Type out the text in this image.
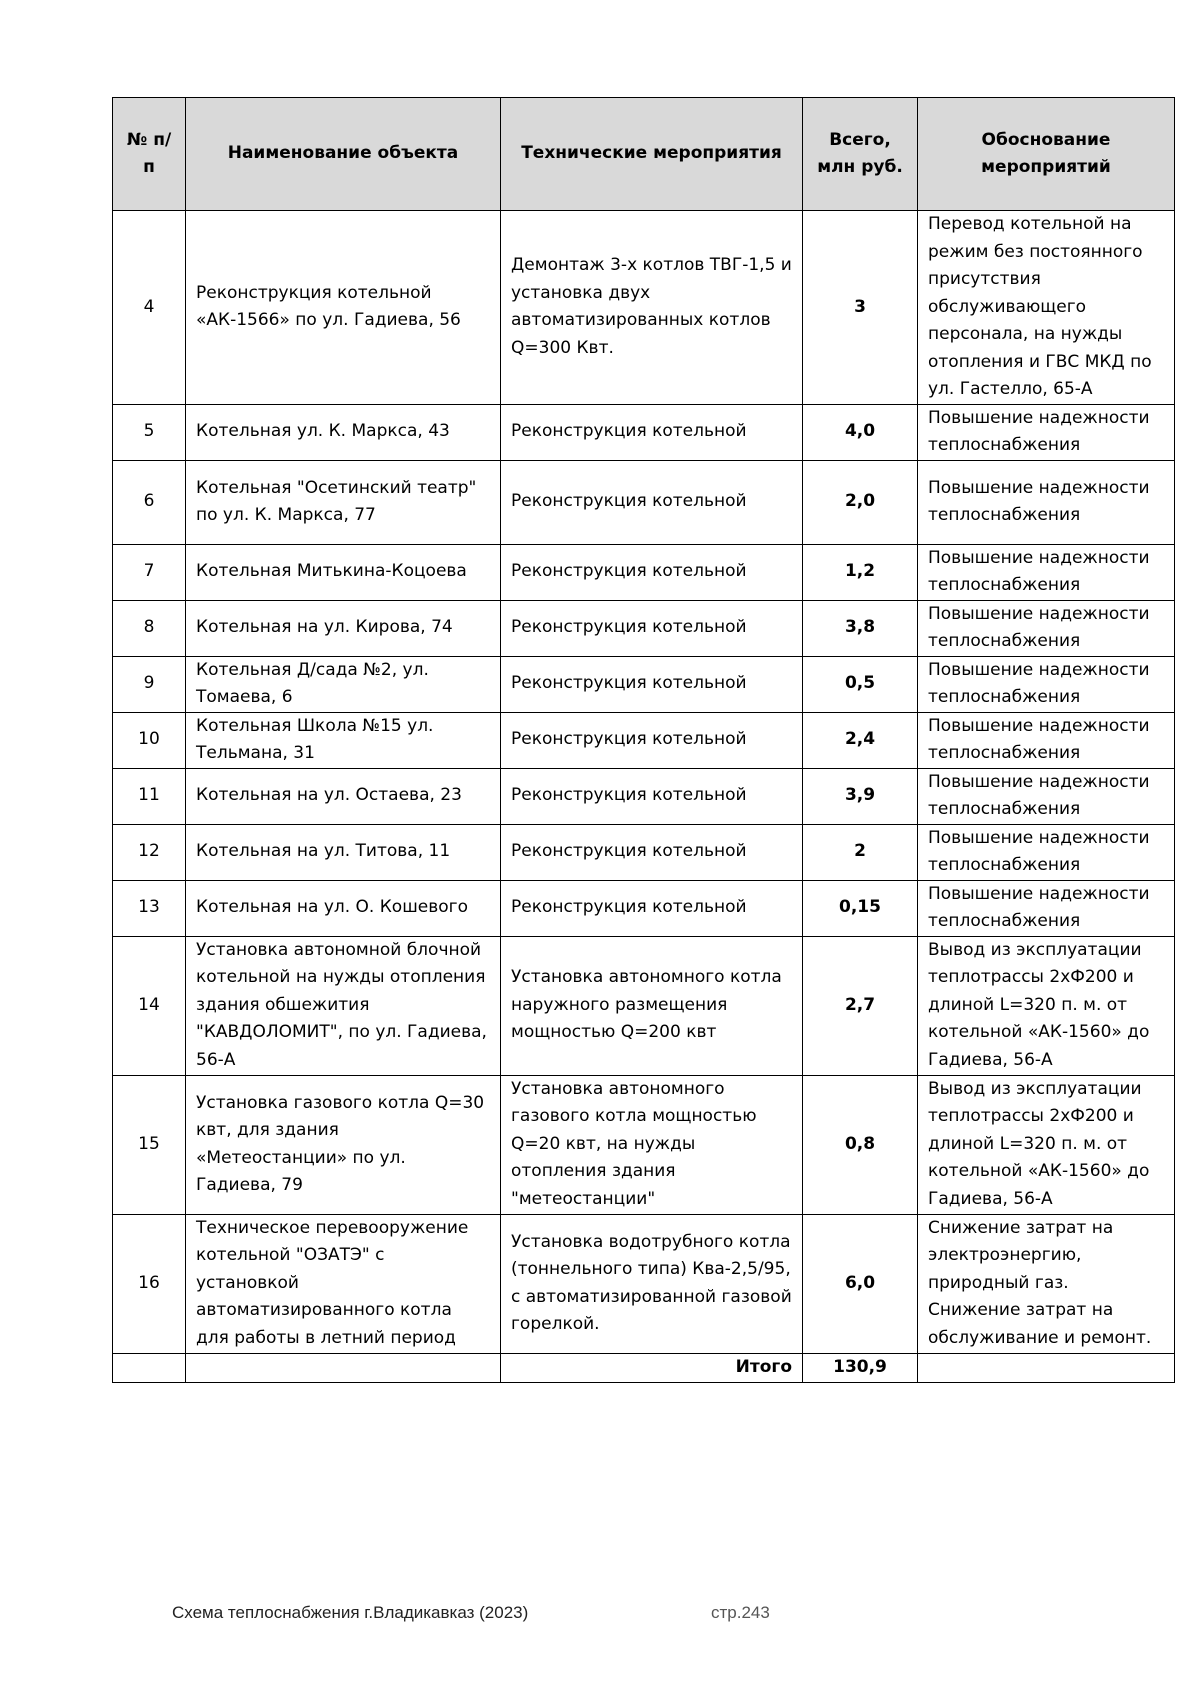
№ п/п	Наименование объекта	Технические мероприятия	Всего, млн руб.	Обоснование мероприятий
4	Реконструкция котельной «АК-1566» по ул. Гадиева, 56	Демонтаж 3-х котлов ТВГ-1,5 и установка двух автоматизированных котлов Q=300 Квт.	3	Перевод котельной на режим без постоянного присутствия обслуживающего персонала, на нужды отопления и ГВС МКД по ул. Гастелло, 65-А
5	Котельная ул. К. Маркса, 43	Реконструкция котельной	4,0	Повышение надежности теплоснабжения
6	Котельная "Осетинский театр" по ул. К. Маркса, 77	Реконструкция котельной	2,0	Повышение надежности теплоснабжения
7	Котельная Митькина-Коцоева	Реконструкция котельной	1,2	Повышение надежности теплоснабжения
8	Котельная на ул. Кирова, 74	Реконструкция котельной	3,8	Повышение надежности теплоснабжения
9	Котельная Д/сада №2, ул. Томаева, 6	Реконструкция котельной	0,5	Повышение надежности теплоснабжения
10	Котельная Школа №15 ул. Тельмана, 31	Реконструкция котельной	2,4	Повышение надежности теплоснабжения
11	Котельная на ул. Остаева, 23	Реконструкция котельной	3,9	Повышение надежности теплоснабжения
12	Котельная на ул. Титова, 11	Реконструкция котельной	2	Повышение надежности теплоснабжения
13	Котельная на ул. О. Кошевого	Реконструкция котельной	0,15	Повышение надежности теплоснабжения
14	Установка автономной блочной котельной на нужды отопления здания обшежития "КАВДОЛОМИТ", по ул. Гадиева, 56-А	Установка автономного котла наружного размещения мощностью Q=200 квт	2,7	Вывод из эксплуатации теплотрассы 2хФ200 и длиной L=320 п. м. от котельной «АК-1560» до Гадиева, 56-А
15	Установка газового котла Q=30 квт, для здания «Метеостанции» по ул. Гадиева, 79	Установка автономного газового котла мощностью Q=20 квт, на нужды отопления здания "метеостанции"	0,8	Вывод из эксплуатации теплотрассы 2хФ200 и длиной L=320 п. м. от котельной «АК-1560» до Гадиева, 56-А
16	Техническое перевооружение котельной "ОЗАТЭ" с установкой автоматизированного котла для работы в летний период	Установка водотрубного котла (тоннельного типа) Ква-2,5/95, с автоматизированной газовой горелкой.	6,0	Снижение затрат на электроэнергию, природный газ. Снижение затрат на обслуживание и ремонт.
		Итого	130,9	
Схема теплоснабжения г.Владикавказ (2023)	стр.243
